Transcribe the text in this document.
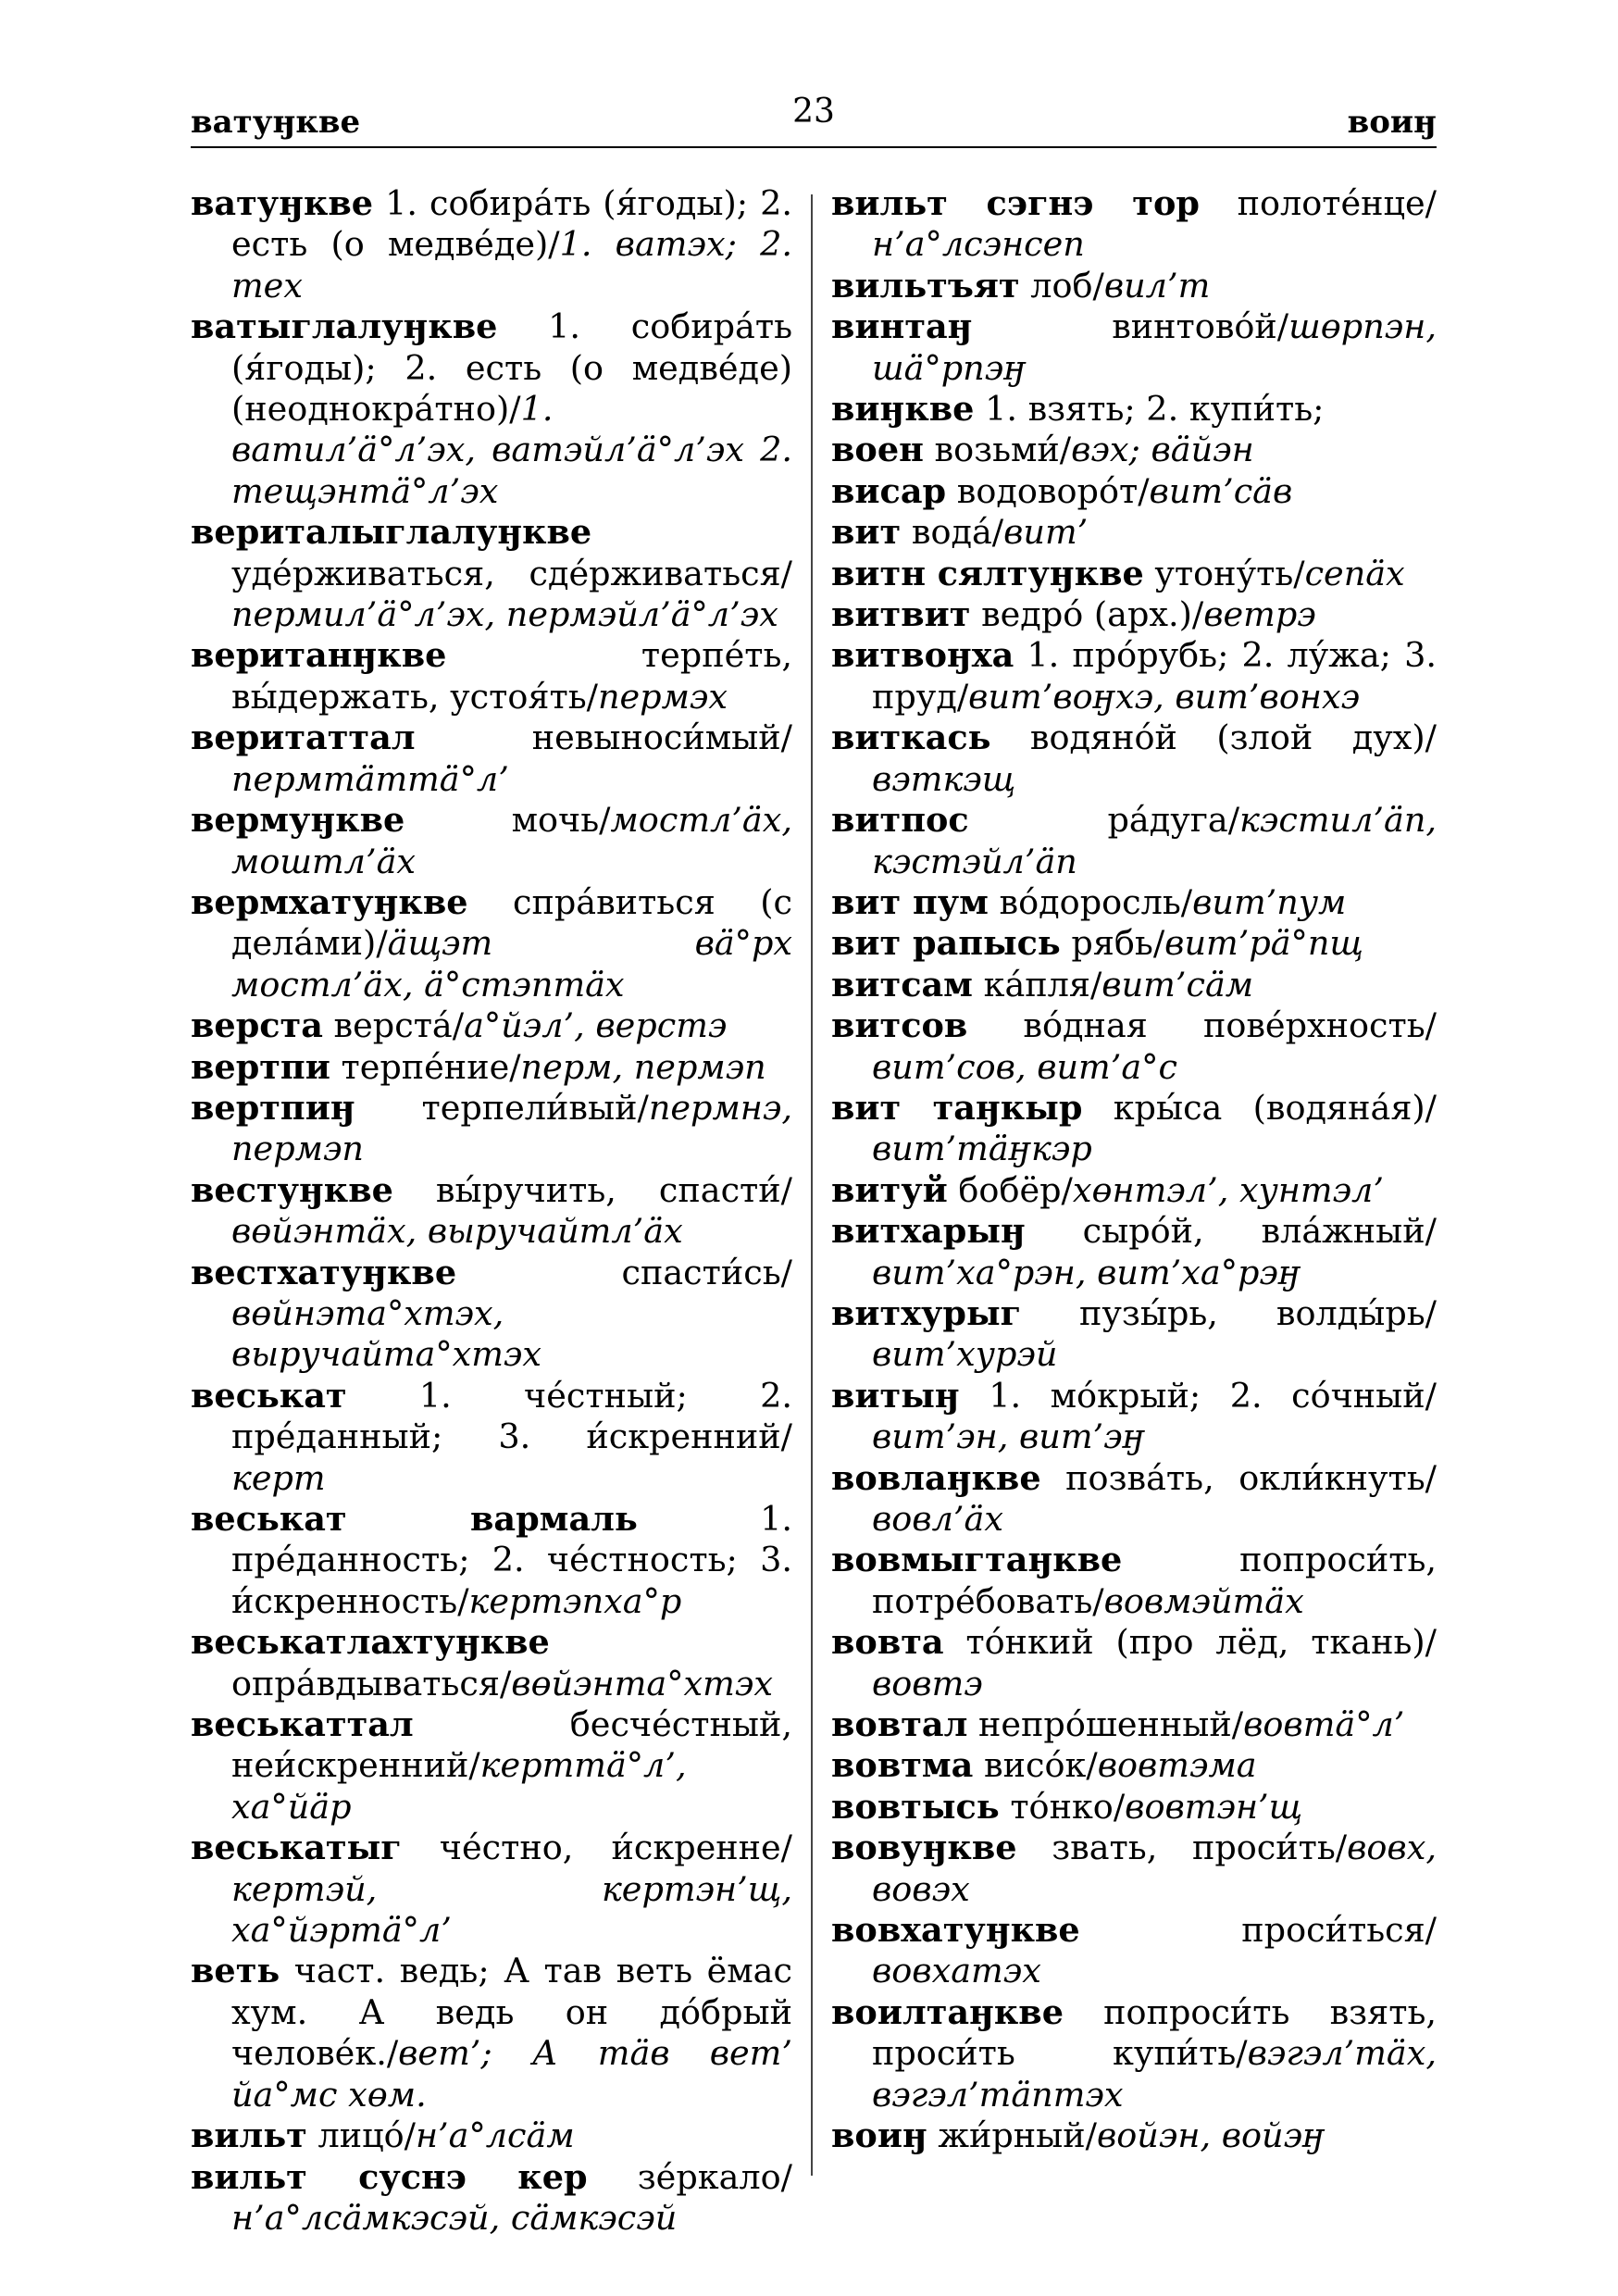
ватуӈкве	23	воиӈ

ватуӈкве 1. собира́ть (я́годы); 2. есть (о медве́де)/1. ватэх; 2. тех

ватыглалуӈкве 1. собира́ть (я́годы); 2. есть (о медве́де) (неоднокра́тно)/1. ватил’ӓ°л’эх, ватэйл’ӓ°л’эх 2. тещэнтӓ°л’эх

вериталыглалуӈкве уде́рживаться, сде́рживаться/пермил’ӓ°л’эх, пермэйл’ӓ°л’эх

веританӈкве	терпе́ть, вы́держать, устоя́ть/пермэх

веритаттал	невыноси́мый/пермтӓттӓ°л’

вермуӈкве	мочь/мостл’ӓх, моштл’ӓх

вермхатуӈкве спра́виться (с дела́ми)/ӓщэт вӓ°рх мостл’ӓх, ӓ°стэптӓх

верста верста́/а°йэл’, верстэ

вертпи терпе́ние/перм, пермэп

вертпиӈ терпели́вый/пермнэ, пермэп

вестуӈкве вы́ручить, спасти́/вөйэнтӓх, выручайтл’ӓх

вестхатуӈкве	спасти́сь/вөйнэта°хтэх, выручайта°хтэх

веськат 1. че́стный; 2. пре́данный; 3. и́скренний/керт

веськат вармаль	1. пре́данность; 2. че́стность; 3. и́скренность/кертэпха°р

веськатлахтуӈкве опра́вдываться/вөйэнта°хтэх

веськаттал	бесче́стный, неи́скренний/керттӓ°л’, ха°йӓр

веськатыг че́стно, и́скренне/кертэй, кертэн’щ, ха°йэртӓ°л’

веть част. ведь; А тав веть ёмас хум. А ведь он до́брый челове́к./вет’; А тӓв вет’ йа°мс хөм.

вильт лицо́/н’а°лсӓм

вильт суснэ кер зе́ркало/н’а°лсӓмкэсэй, сӓмкэсэй

вильт сэгнэ тор полоте́нце/н’а°лсэнсеп

вильтъят лоб/вил’т

винтаӈ	винтово́й/шөрпэн, шӓ°рпэӈ

виӈкве 1. взять; 2. купи́ть;

воен возьми́/вэх; вӓйэн

висар водоворо́т/вит’сӓв

вит вода́/вит’

витн сялтуӈкве утону́ть/сепӓх

витвит ведро́ (арх.)/ветрэ

витвоӈха 1. про́рубь; 2. лу́жа; 3. пруд/вит’воӈхэ, вит’вонхэ

виткась водяно́й (злой дух)/вэткэщ

витпос	ра́дуга/кэстил’ӓп, кэстэйл’ӓп

вит пум во́доросль/вит’пум

вит рапысь рябь/вит’рӓ°пщ

витсам ка́пля/вит’сӓм

витсов во́дная пове́рхность/вит’сов, вит’а°с

вит таӈкыр кры́са (водяна́я)/вит’тӓӈкэр

витуй бобёр/хөнтэл’, хунтэл’

витхарыӈ сыро́й, вла́жный/вит’ха°рэн, вит’ха°рэӈ

витхурыг пузы́рь, волды́рь/вит’хурэй

витыӈ 1. мо́крый; 2. со́чный/вит’эн, вит’эӈ

вовлаӈкве позва́ть, окли́кнуть/вовл’ӓх

вовмыгтаӈкве	попроси́ть, потре́бовать/вовмэйтӓх

вовта то́нкий (про лёд, ткань)/вовтэ

вовтал непро́шенный/вовтӓ°л’

вовтма висо́к/вовтэма

вовтысь то́нко/вовтэн’щ

вовуӈкве звать, проси́ть/вовх, вовэх

вовхатуӈкве	проси́ться/вовхатэх

воилтаӈкве попроси́ть взять, проси́ть купи́ть/вэгэл’тӓх, вэгэл’тӓптэх

воиӈ жи́рный/войэн, войэӈ
